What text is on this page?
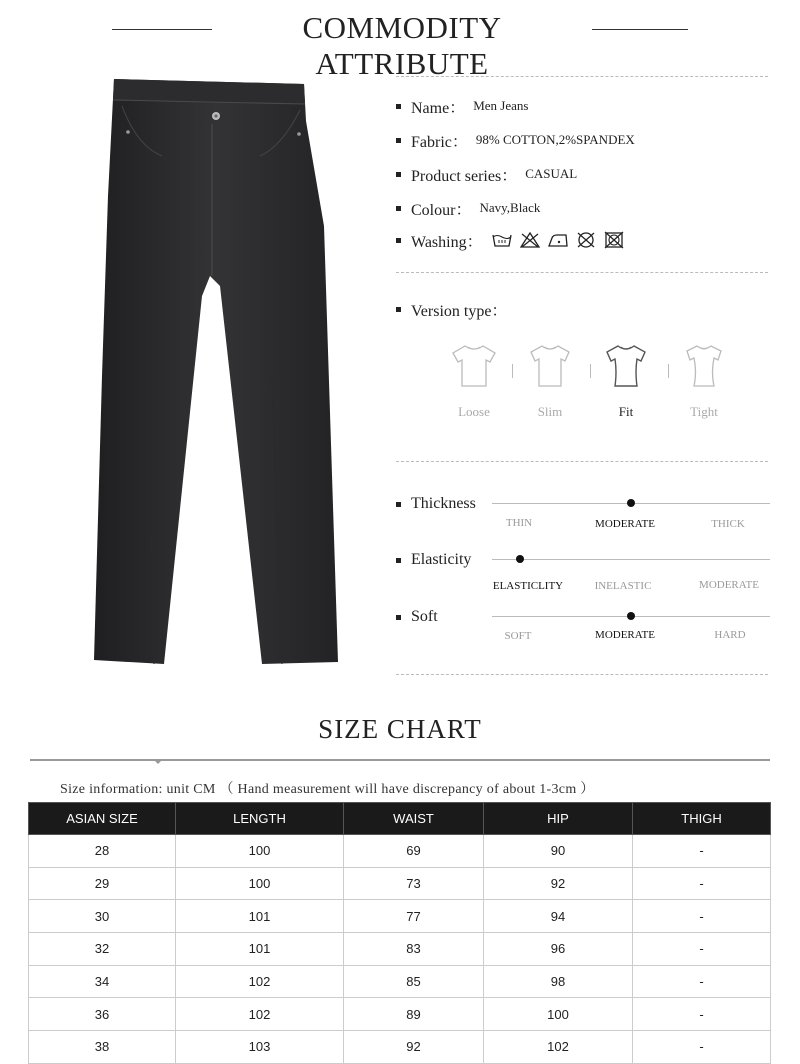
COMMODITY ATTRIBUTE
Name： Men Jeans
Fabric： 98% COTTON,2%SPANDEX
Product series： CASUAL
Colour： Navy,Black
Washing：
Version type：
Loose	Slim	Fit	Tight
Thickness
THIN	MODERATE	THICK
Elasticity
ELASTICLITY	INELASTIC	MODERATE
Soft
SOFT	MODERATE	HARD
SIZE CHART
Size information: unit CM （ Hand measurement will have discrepancy of about 1-3cm ）
ASIAN SIZE	LENGTH	WAIST	HIP	THIGH
28	100	69	90	-
29	100	73	92	-
30	101	77	94	-
32	101	83	96	-
34	102	85	98	-
36	102	89	100	-
38	103	92	102	-
